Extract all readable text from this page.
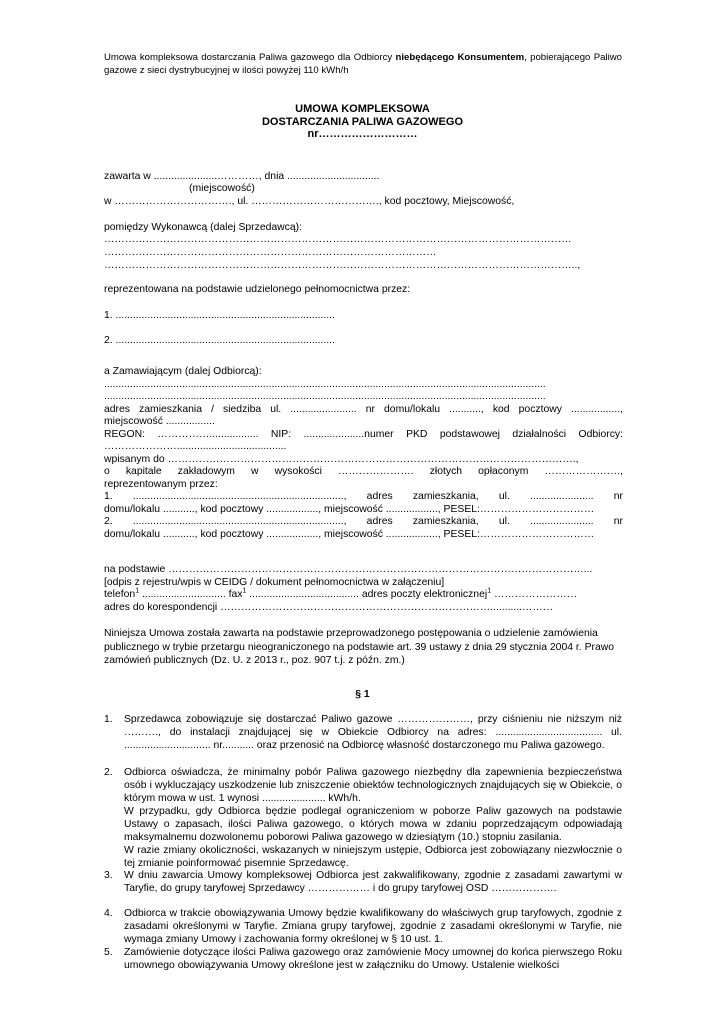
Umowa kompleksowa dostarczania Paliwa gazowego dla Odbiorcy niebędącego Konsumentem, pobierającego Paliwo gazowe z sieci dystrybucyjnej w ilości powyżej 110 kWh/h
UMOWA KOMPLEKSOWA
DOSTARCZANIA PALIWA GAZOWEGO
nr………………………
zawarta w ......................…………, dnia ................................
(miejscowość)
w ……………………………., ul. ………………………………., kod pocztowy, Miejscowość,
pomiędzy Wykonawcą (dalej Sprzedawcą):
………………………………………………………………………………………………………………………
……………………………………………………………………………………
………………………………………………………………………………………………………………………..,
reprezentowana na podstawie udzielonego pełnomocnictwa przez:
1. ............................................................................
2. ............................................................................
a Zamawiającym (dalej Odbiorcą):
.........................................................................................................................................................
.........................................................................................................................................................
adres zamieszkania / siedziba ul. ....................... nr domu/lokalu ..........., kod pocztowy .................,
miejscowość .................
REGON: ……………................. NIP: .....................numer PKD podstawowej działalności Odbiorcy:
…………………......................................
wpisanym do ……………………………………………………………………………………………………….,
o kapitale zakładowym w wysokości …………………. złotych opłaconym ………………….,
reprezentowanym przez:
1. ........................................................................., adres zamieszkania, ul. ...................... nr
domu/lokalu ..........., kod pocztowy .................., miejscowość .................., PESEL:……………………………
2. ........................................................................., adres zamieszkania, ul. ...................... nr
domu/lokalu ..........., kod pocztowy .................., miejscowość .................., PESEL:……………………………
na podstawie …………………………………………………………………………………………………………...
[odpis z rejestru/wpis w CEIDG / dokument pełnomocnictwa w załączeniu]
telefon$^1$ ............................. fax$^1$ ...................................... adres poczty elektronicznej$^1$ ……………………
adres do korespondencji ……………………………………………………………………...........………
Niniejsza Umowa została zawarta na podstawie przeprowadzonego postępowania o udzielenie zamówienia publicznego w trybie przetargu nieograniczonego na podstawie art. 39 ustawy z dnia 29 stycznia 2004 r. Prawo zamówień publicznych (Dz. U. z 2013 r., poz. 907 t.j. z późn. zm.)
§ 1
1. Sprzedawca zobowiązuje się dostarczać Paliwo gazowe …………………, przy ciśnieniu nie niższym niż ………., do instalacji znajdującej się w Obiekcie Odbiorcy na adres: ..................................... ul. .............................. nr........... oraz przenosić na Odbiorcę własność dostarczonego mu Paliwa gazowego.
2. Odbiorca oświadcza, że minimalny pobór Paliwa gazowego niezbędny dla zapewnienia bezpieczeństwa osób i wykluczający uszkodzenie lub zniszczenie obiektów technologicznych znajdujących się w Obiekcie, o którym mowa w ust. 1 wynosi ...................... kWh/h.
W przypadku, gdy Odbiorca będzie podlegał ograniczeniom w poborze Paliw gazowych na podstawie Ustawy o zapasach, ilości Paliwa gazowego, o których mowa w zdaniu poprzedzającym odpowiadają maksymalnemu dozwolonemu poborowi Paliwa gazowego w dziesiątym (10.) stopniu zasilania.
W razie zmiany okoliczności, wskazanych w niniejszym ustępie, Odbiorca jest zobowiązany niezwłocznie o tej zmianie poinformować pisemnie Sprzedawcę.
3. W dniu zawarcia Umowy kompleksowej Odbiorca jest zakwalifikowany, zgodnie z zasadami zawartymi w Taryfie, do grupy taryfowej Sprzedawcy ……………… i do grupy taryfowej OSD ……………….
4. Odbiorca w trakcie obowiązywania Umowy będzie kwalifikowany do właściwych grup taryfowych, zgodnie z zasadami określonymi w Taryfie. Zmiana grupy taryfowej, zgodnie z zasadami określonymi w Taryfie, nie wymaga zmiany Umowy i zachowania formy określonej w § 10 ust. 1.
5. Zamówienie dotyczące ilości Paliwa gazowego oraz zamówienie Mocy umownej do końca pierwszego Roku umownego obowiązywania Umowy określone jest w załączniku do Umowy. Ustalenie wielkości
